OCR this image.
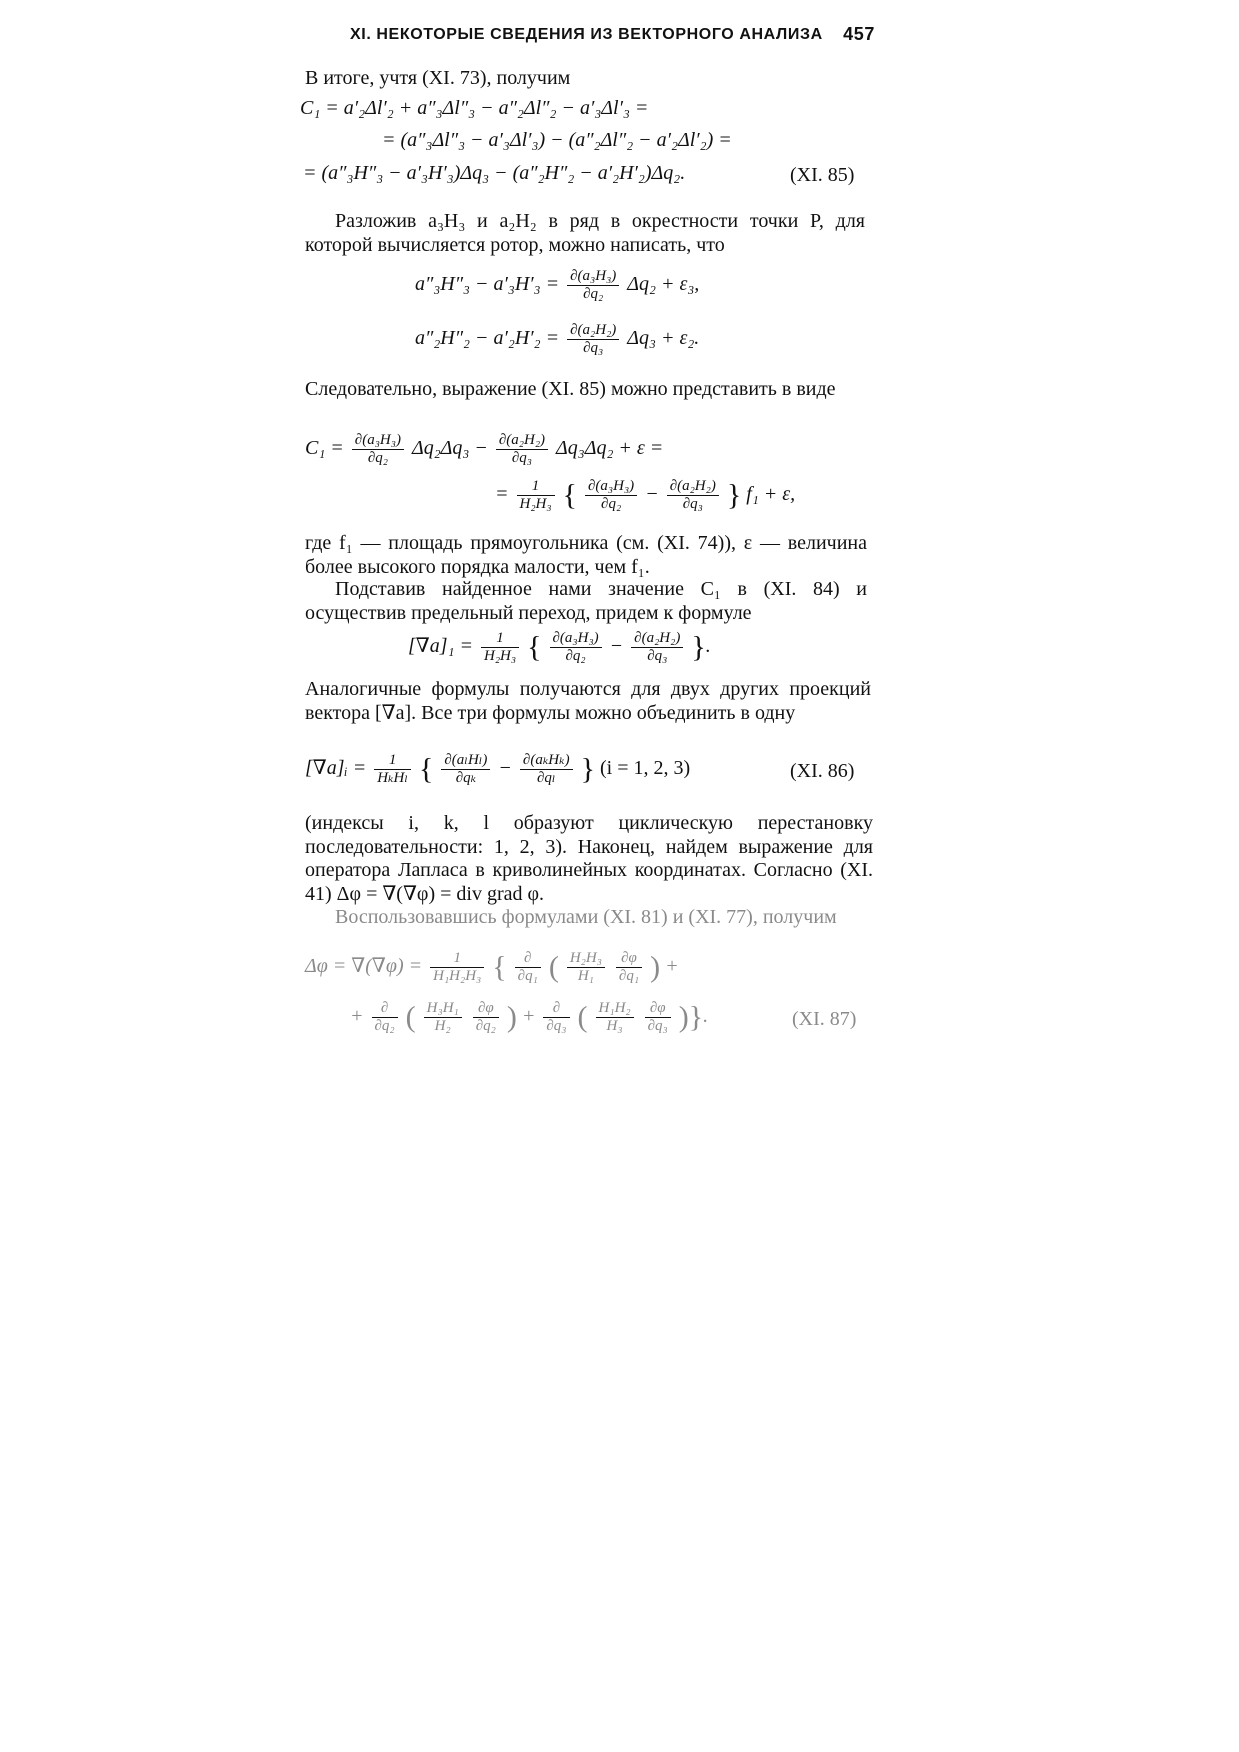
XI. НЕКОТОРЫЕ СВЕДЕНИЯ ИЗ ВЕКТОРНОГО АНАЛИЗА 457
В итоге, учтя (XI. 73), получим
C₁ = a′₂Δl′₂ + a″₃Δl″₃ − a″₂Δl″₂ − a′₃Δl′₃ =
= (a″₃Δl″₃ − a′₃Δl′₃) − (a″₂Δl″₂ − a′₂Δl′₂) =
= (a″₃H″₃ − a′₃H′₃)Δq₃ − (a″₂H″₂ − a′₂H′₂)Δq₂.	(XI. 85)
Разложив a₃H₃ и a₂H₂ в ряд в окрестности точки P, для которой вычисляется ротор, можно написать, что
$a''_3H''_3 - a'_3H'_3 = \frac{\text{∂(a₃H₃)}}{\text{∂q₂}} \Delta q_2 + \varepsilon_3$,
$a''_2H''_2 - a'_2H'_2 = \frac{\text{∂(a₂H₂)}}{\text{∂q₃}} \Delta q_3 + \varepsilon_2$.
Следовательно, выражение (XI. 85) можно представить в виде
$C_1 = \frac{\text{∂(a₃H₃)}}{\text{∂q₂}} \Delta q_2\Delta q_3 - \frac{\text{∂(a₂H₂)}}{\text{∂q₃}} \Delta q_3\Delta q_2 + \varepsilon$ =
= $\frac{1}{\text{H₂H₃}}$ { $\frac{\text{∂(a₃H₃)}}{\text{∂q₂}} - \frac{\text{∂(a₂H₂)}}{\text{∂q₃}}$ } f₁ + ε,
где f₁ — площадь прямоугольника (см. (XI. 74)), ε — величина более высокого порядка малости, чем f₁.
Подставив найденное нами значение C₁ в (XI. 84) и осуществив предельный переход, придем к формуле
$[\nabla a]_1 = \frac{1}{\text{H₂H₃}}$ { $\frac{\text{∂(a₃H₃)}}{\text{∂q₂}} - \frac{\text{∂(a₂H₂)}}{\text{∂q₃}}$ }.
Аналогичные формулы получаются для двух других проекций вектора [∇a]. Все три формулы можно объединить в одну
[∇a]ᵢ = $\frac{1}{\text{HₖHₗ}}$ { $\frac{\text{∂(aₗHₗ)}}{\text{∂qₖ}} - \frac{\text{∂(aₖHₖ)}}{\text{∂qₗ}}$ } (i = 1, 2, 3)	(XI. 86)
(индексы i, k, l образуют циклическую перестановку последовательности: 1, 2, 3). Наконец, найдем выражение для оператора Лапласа в криволинейных координатах. Согласно (XI. 41) Δφ = ∇(∇φ) = div grad φ.
Воспользовавшись формулами (XI. 81) и (XI. 77), получим
$\Delta\varphi = \nabla(\nabla\varphi) = \frac{1}{\text{H₁H₂H₃}}$ { $\frac{\partial}{\text{∂q₁}}$ ( $\frac{\text{H₂H₃}}{\text{H₁}}$
$\frac{\partial\varphi}{\text{∂q₁}}$ ) +
+ $\frac{\partial}{\text{∂q₂}}$ ( $\frac{\text{H₃H₁}}{\text{H₂}}$
$\frac{\partial\varphi}{\text{∂q₂}}$ ) + $\frac{\partial}{\text{∂q₃}}$ ( $\frac{\text{H₁H₂}}{\text{H₃}}$
$\frac{\partial\varphi}{\text{∂q₃}}$ )}.	(XI. 87)
